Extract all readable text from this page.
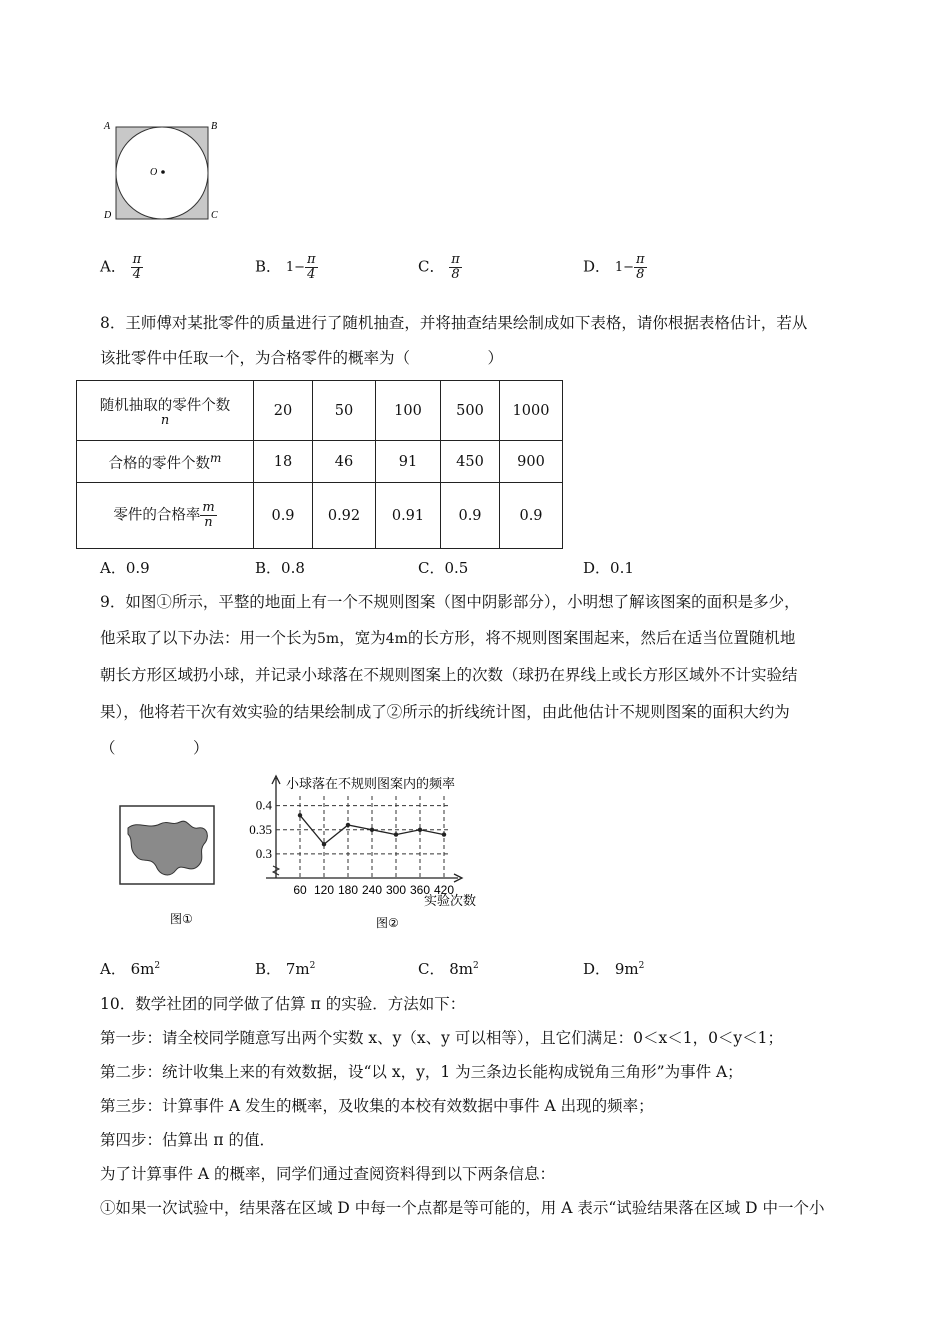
A	B
D	C
O
A． $\frac{\pi}{4}$	B． $1- \frac{\pi}{4}$	C． $\frac{\pi}{8}$	D． $1- \frac{\pi}{8}$
8．王师傅对某批零件的质量进行了随机抽查，并将抽查结果绘制成如下表格，请你根据表格估计，若从
该批零件中任取一个，为合格零件的概率为（　　　　　）
随机抽取的零件个数
n	20	50	100	500	1000
合格的零件个数$^m$	18	46	91	450	900
零件的合格率 $\frac{m}{n}$	0.9	0.92	0.91	0.9	0.9
A．0.9	B．0.8	C．0.5	D．0.1
9．如图①所示，平整的地面上有一个不规则图案（图中阴影部分），小明想了解该图案的面积是多少，
他采取了以下办法：用一个长为5m，宽为4m的长方形，将不规则图案围起来，然后在适当位置随机地
朝长方形区域扔小球，并记录小球落在不规则图案上的次数（球扔在界线上或长方形区域外不计实验结
果），他将若干次有效实验的结果绘制成了②所示的折线统计图，由此他估计不规则图案的面积大约为
（　　　　　）
图①
小球落在不规则图案内的频率
实验次数
图②
0.4
0.35
0.3
60 120 180 240 300 360 420
A． $6m^2$	B． $7m^2$	C． $8m^2$	D． $9m^2$
10．数学社团的同学做了估算 π 的实验．方法如下：
第一步：请全校同学随意写出两个实数 x、y（x、y 可以相等），且它们满足：0＜x＜1，0＜y＜1；
第二步：统计收集上来的有效数据，设“以 x，y，1 为三条边长能构成锐角三角形”为事件 A；
第三步：计算事件 A 发生的概率，及收集的本校有效数据中事件 A 出现的频率；
第四步：估算出 π 的值．
为了计算事件 A 的概率，同学们通过查阅资料得到以下两条信息：
①如果一次试验中，结果落在区域 D 中每一个点都是等可能的，用 A 表示“试验结果落在区域 D 中一个小
